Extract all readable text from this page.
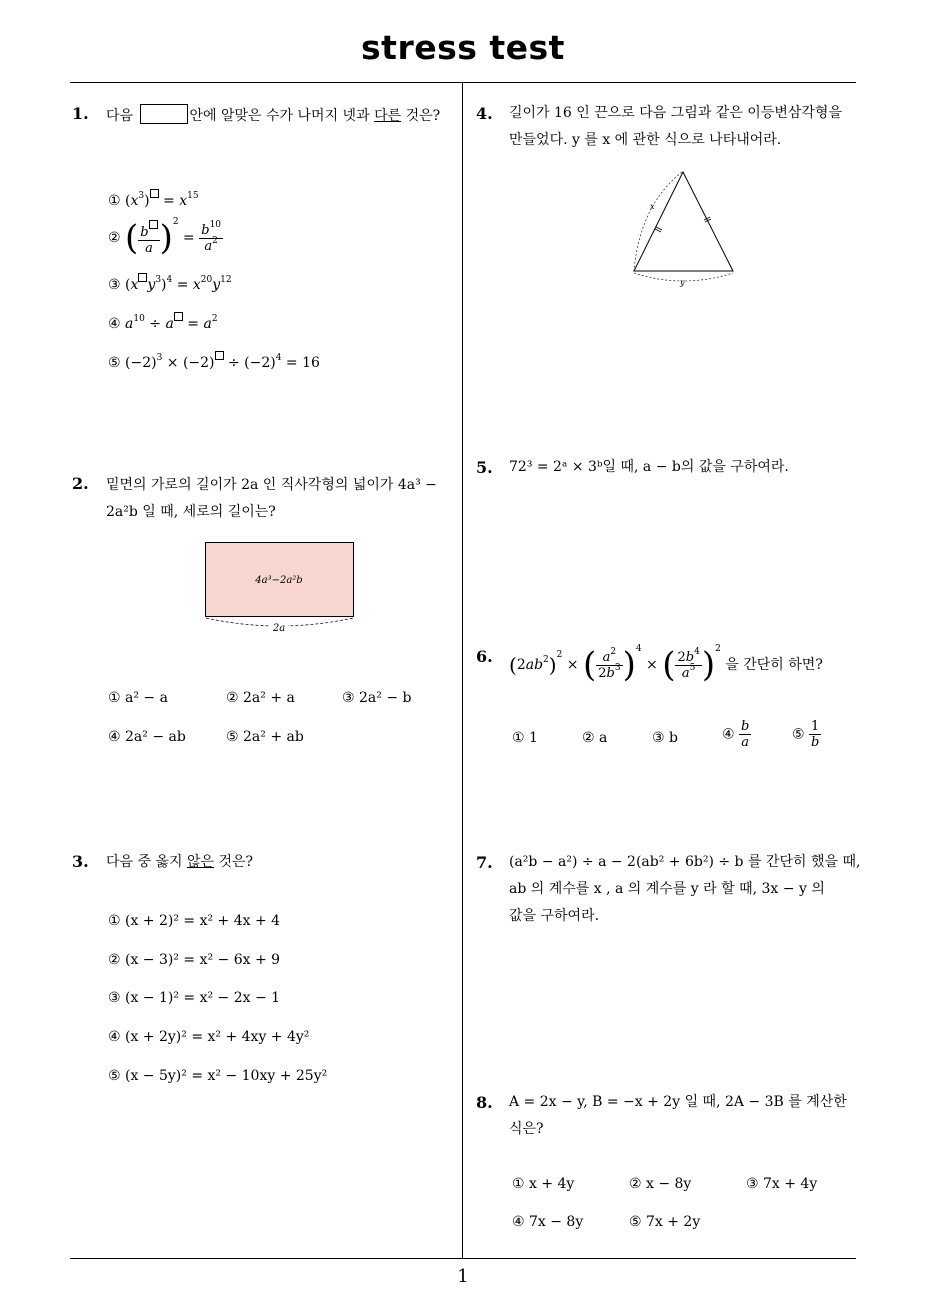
stress test
1
1. 다음	안에 알맞은 수가 나머지 넷과 다른 것은?
① $(x^3) = x^{15}$
② ( $\frac{b}{a} )^2 = \frac{b^{10}}{a^2}$
③ (x $y^3)^4 = x^{20}y^{12}$
④ $a^{10} \div a = a^2$
⑤ $(-2)^3 \times (-2) \div (-2)^4 = 16$
2. 밑면의 가로의 길이가 2a 인 직사각형의 넓이가 4a³ −
2a²b 일 때, 세로의 길이는?
4a³−2a²b
2a
① a² − a	② 2a² + a	③ 2a² − b
④ 2a² − ab	⑤ 2a² + ab
3. 다음 중 옳지 않은 것은?
① (x + 2)² = x² + 4x + 4
② (x − 3)² = x² − 6x + 9
③ (x − 1)² = x² − 2x − 1
④ (x + 2y)² = x² + 4xy + 4y²
⑤ (x − 5y)² = x² − 10xy + 25y²
4. 길이가 16 인 끈으로 다음 그림과 같은 이등변삼각형을
만들었다. y 를 x 에 관한 식으로 나타내어라.
x
y
5. 72³ = 2ᵃ × 3ᵇ일 때, a − b의 값을 구하여라.
6. $(2ab^2)^2$ × ( $\frac{a^2}{2b^3} )^4$ × ( $\frac{2b^4}{a^5} )^2$ 을 간단히 하면?
① 1	② a	③ b	④ $\frac{b}{a}$	⑤ $\frac{1}{b}$
7. (a²b − a²) ÷ a − 2(ab² + 6b²) ÷ b 를 간단히 했을 때,
ab 의 계수를 x , a 의 계수를 y 라 할 때, 3x − y 의
값을 구하여라.
8. A = 2x − y, B = −x + 2y 일 때, 2A − 3B 를 계산한
식은?
① x + 4y	② x − 8y	③ 7x + 4y
④ 7x − 8y	⑤ 7x + 2y
